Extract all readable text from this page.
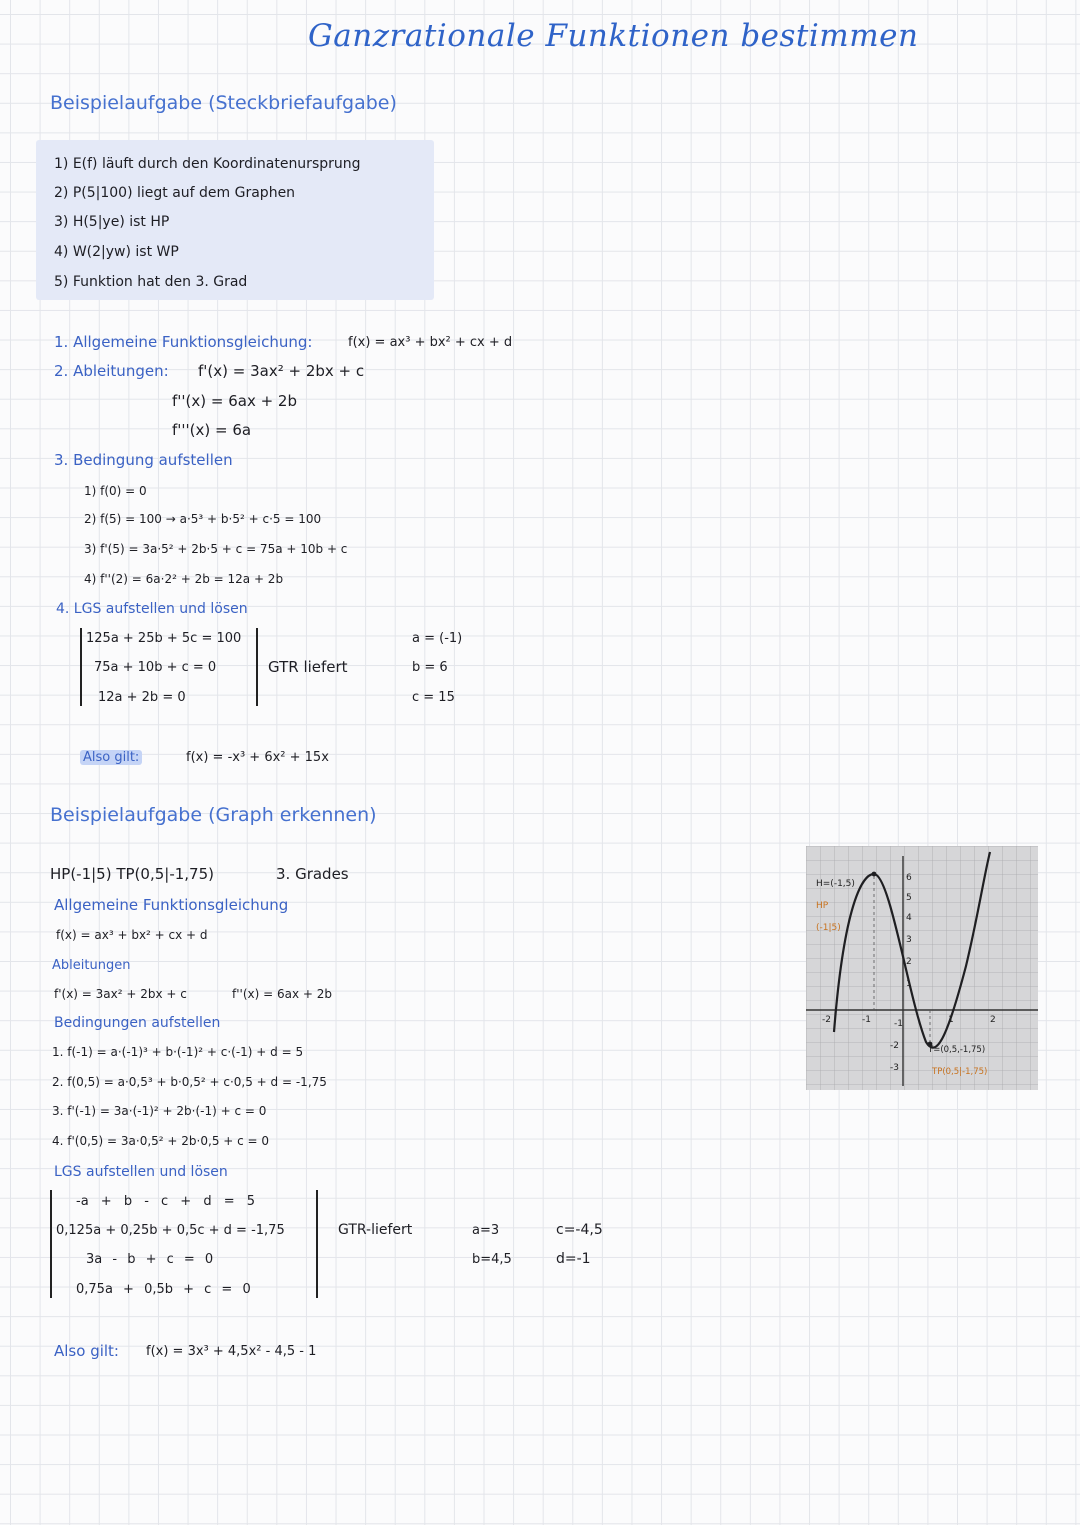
Ganzrationale Funktionen bestimmen
Beispielaufgabe (Steckbriefaufgabe)
1) E(f) läuft durch den Koordinatenursprung
2) P(5|100) liegt auf dem Graphen
3) H(5|ye) ist HP
4) W(2|yw) ist WP
5) Funktion hat den 3. Grad
1. Allgemeine Funktionsgleichung:	f(x) = ax³ + bx² + cx + d
2. Ableitungen: f'(x) = 3ax² + 2bx + c
f''(x) = 6ax + 2b
f'''(x) = 6a
3. Bedingung aufstellen
1) f(0) = 0
2) f(5) = 100 → a·5³ + b·5² + c·5 = 100
3) f'(5) = 3a·5² + 2b·5 + c = 75a + 10b + c
4) f''(2) = 6a·2² + 2b = 12a + 2b
4. LGS aufstellen und lösen
125a + 25b + 5c = 100
75a + 10b + c = 0
12a + 2b = 0
GTR liefert
a = (-1)
b = 6
c = 15
Also gilt:	f(x) = -x³ + 6x² + 15x
Beispielaufgabe (Graph erkennen)
HP(-1|5) TP(0,5|-1,75)	3. Grades
Allgemeine Funktionsgleichung
f(x) = ax³ + bx² + cx + d
Ableitungen
f'(x) = 3ax² + 2bx + c	f''(x) = 6ax + 2b
Bedingungen aufstellen
1. f(-1) = a·(-1)³ + b·(-1)² + c·(-1) + d = 5
2. f(0,5) = a·0,5³ + b·0,5² + c·0,5 + d = -1,75
3. f'(-1) = 3a·(-1)² + 2b·(-1) + c = 0
4. f'(0,5) = 3a·0,5² + 2b·0,5 + c = 0
LGS aufstellen und lösen
-a + b - c + d = 5
0,125a + 0,25b + 0,5c + d = -1,75
3a - b + c = 0
0,75a + 0,5b + c = 0
GTR-liefert	a=3
b=4,5
c=-4,5
d=-1
Also gilt: f(x) = 3x³ + 4,5x² - 4,5 - 1
6
5
4
3
2
1
-1
-2
-3
-2	-1	1	2
H=(-1,5)
HP
(-1|5)
T=(0,5,-1,75)
TP(0,5|-1,75)
